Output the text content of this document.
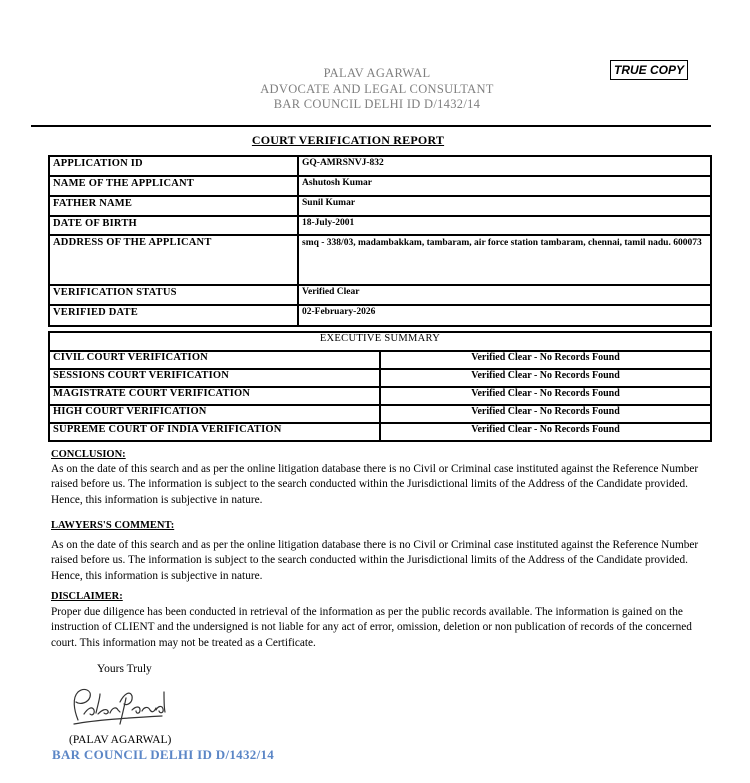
TRUE COPY
PALAV AGARWAL
ADVOCATE AND LEGAL CONSULTANT
BAR COUNCIL DELHI ID D/1432/14
COURT VERIFICATION REPORT
APPLICATION ID	GQ-AMRSNVJ-832
NAME OF THE APPLICANT	Ashutosh Kumar
FATHER NAME	Sunil Kumar
DATE OF BIRTH	18-July-2001
ADDRESS OF THE APPLICANT	smq - 338/03, madambakkam, tambaram, air force station tambaram, chennai, tamil nadu. 600073
VERIFICATION STATUS	Verified Clear
VERIFIED DATE	02-February-2026
EXECUTIVE SUMMARY	
CIVIL COURT VERIFICATION	Verified Clear - No Records Found
SESSIONS COURT VERIFICATION	Verified Clear - No Records Found
MAGISTRATE COURT VERIFICATION	Verified Clear - No Records Found
HIGH COURT VERIFICATION	Verified Clear - No Records Found
SUPREME COURT OF INDIA VERIFICATION	Verified Clear - No Records Found
CONCLUSION:
As on the date of this search and as per the online litigation database there is no Civil or Criminal case instituted against the Reference Number raised before us. The information is subject to the search conducted within the Jurisdictional limits of the Address of the Candidate provided. Hence, this information is subjective in nature.
LAWYERS'S COMMENT:
As on the date of this search and as per the online litigation database there is no Civil or Criminal case instituted against the Reference Number raised before us. The information is subject to the search conducted within the Jurisdictional limits of the Address of the Candidate provided. Hence, this information is subjective in nature.
DISCLAIMER:
Proper due diligence has been conducted in retrieval of the information as per the public records available. The information is gained on the instruction of CLIENT and the undersigned is not liable for any act of error, omission, deletion or non publication of records of the concerned court. This information may not be treated as a Certificate.
Yours Truly
(PALAV AGARWAL)
BAR COUNCIL DELHI ID D/1432/14
